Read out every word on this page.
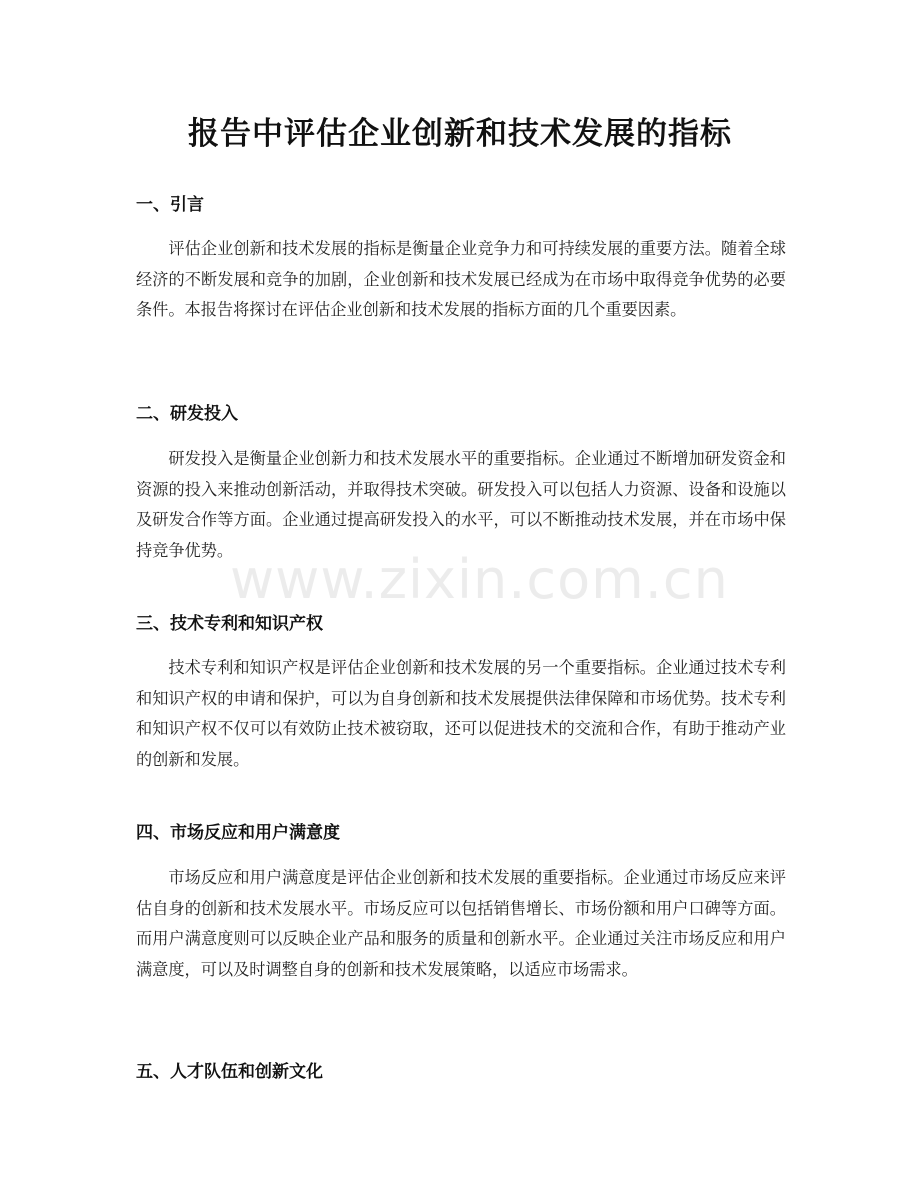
报告中评估企业创新和技术发展的指标
一、引言
评估企业创新和技术发展的指标是衡量企业竞争力和可持续发展的重要方法。随着全球经济的不断发展和竞争的加剧，企业创新和技术发展已经成为在市场中取得竞争优势的必要条件。本报告将探讨在评估企业创新和技术发展的指标方面的几个重要因素。
二、研发投入
研发投入是衡量企业创新力和技术发展水平的重要指标。企业通过不断增加研发资金和资源的投入来推动创新活动，并取得技术突破。研发投入可以包括人力资源、设备和设施以及研发合作等方面。企业通过提高研发投入的水平，可以不断推动技术发展，并在市场中保持竞争优势。
三、技术专利和知识产权
技术专利和知识产权是评估企业创新和技术发展的另一个重要指标。企业通过技术专利和知识产权的申请和保护，可以为自身创新和技术发展提供法律保障和市场优势。技术专利和知识产权不仅可以有效防止技术被窃取，还可以促进技术的交流和合作，有助于推动产业的创新和发展。
四、市场反应和用户满意度
市场反应和用户满意度是评估企业创新和技术发展的重要指标。企业通过市场反应来评估自身的创新和技术发展水平。市场反应可以包括销售增长、市场份额和用户口碑等方面。而用户满意度则可以反映企业产品和服务的质量和创新水平。企业通过关注市场反应和用户满意度，可以及时调整自身的创新和技术发展策略，以适应市场需求。
五、人才队伍和创新文化
www.zixin.com.cn
